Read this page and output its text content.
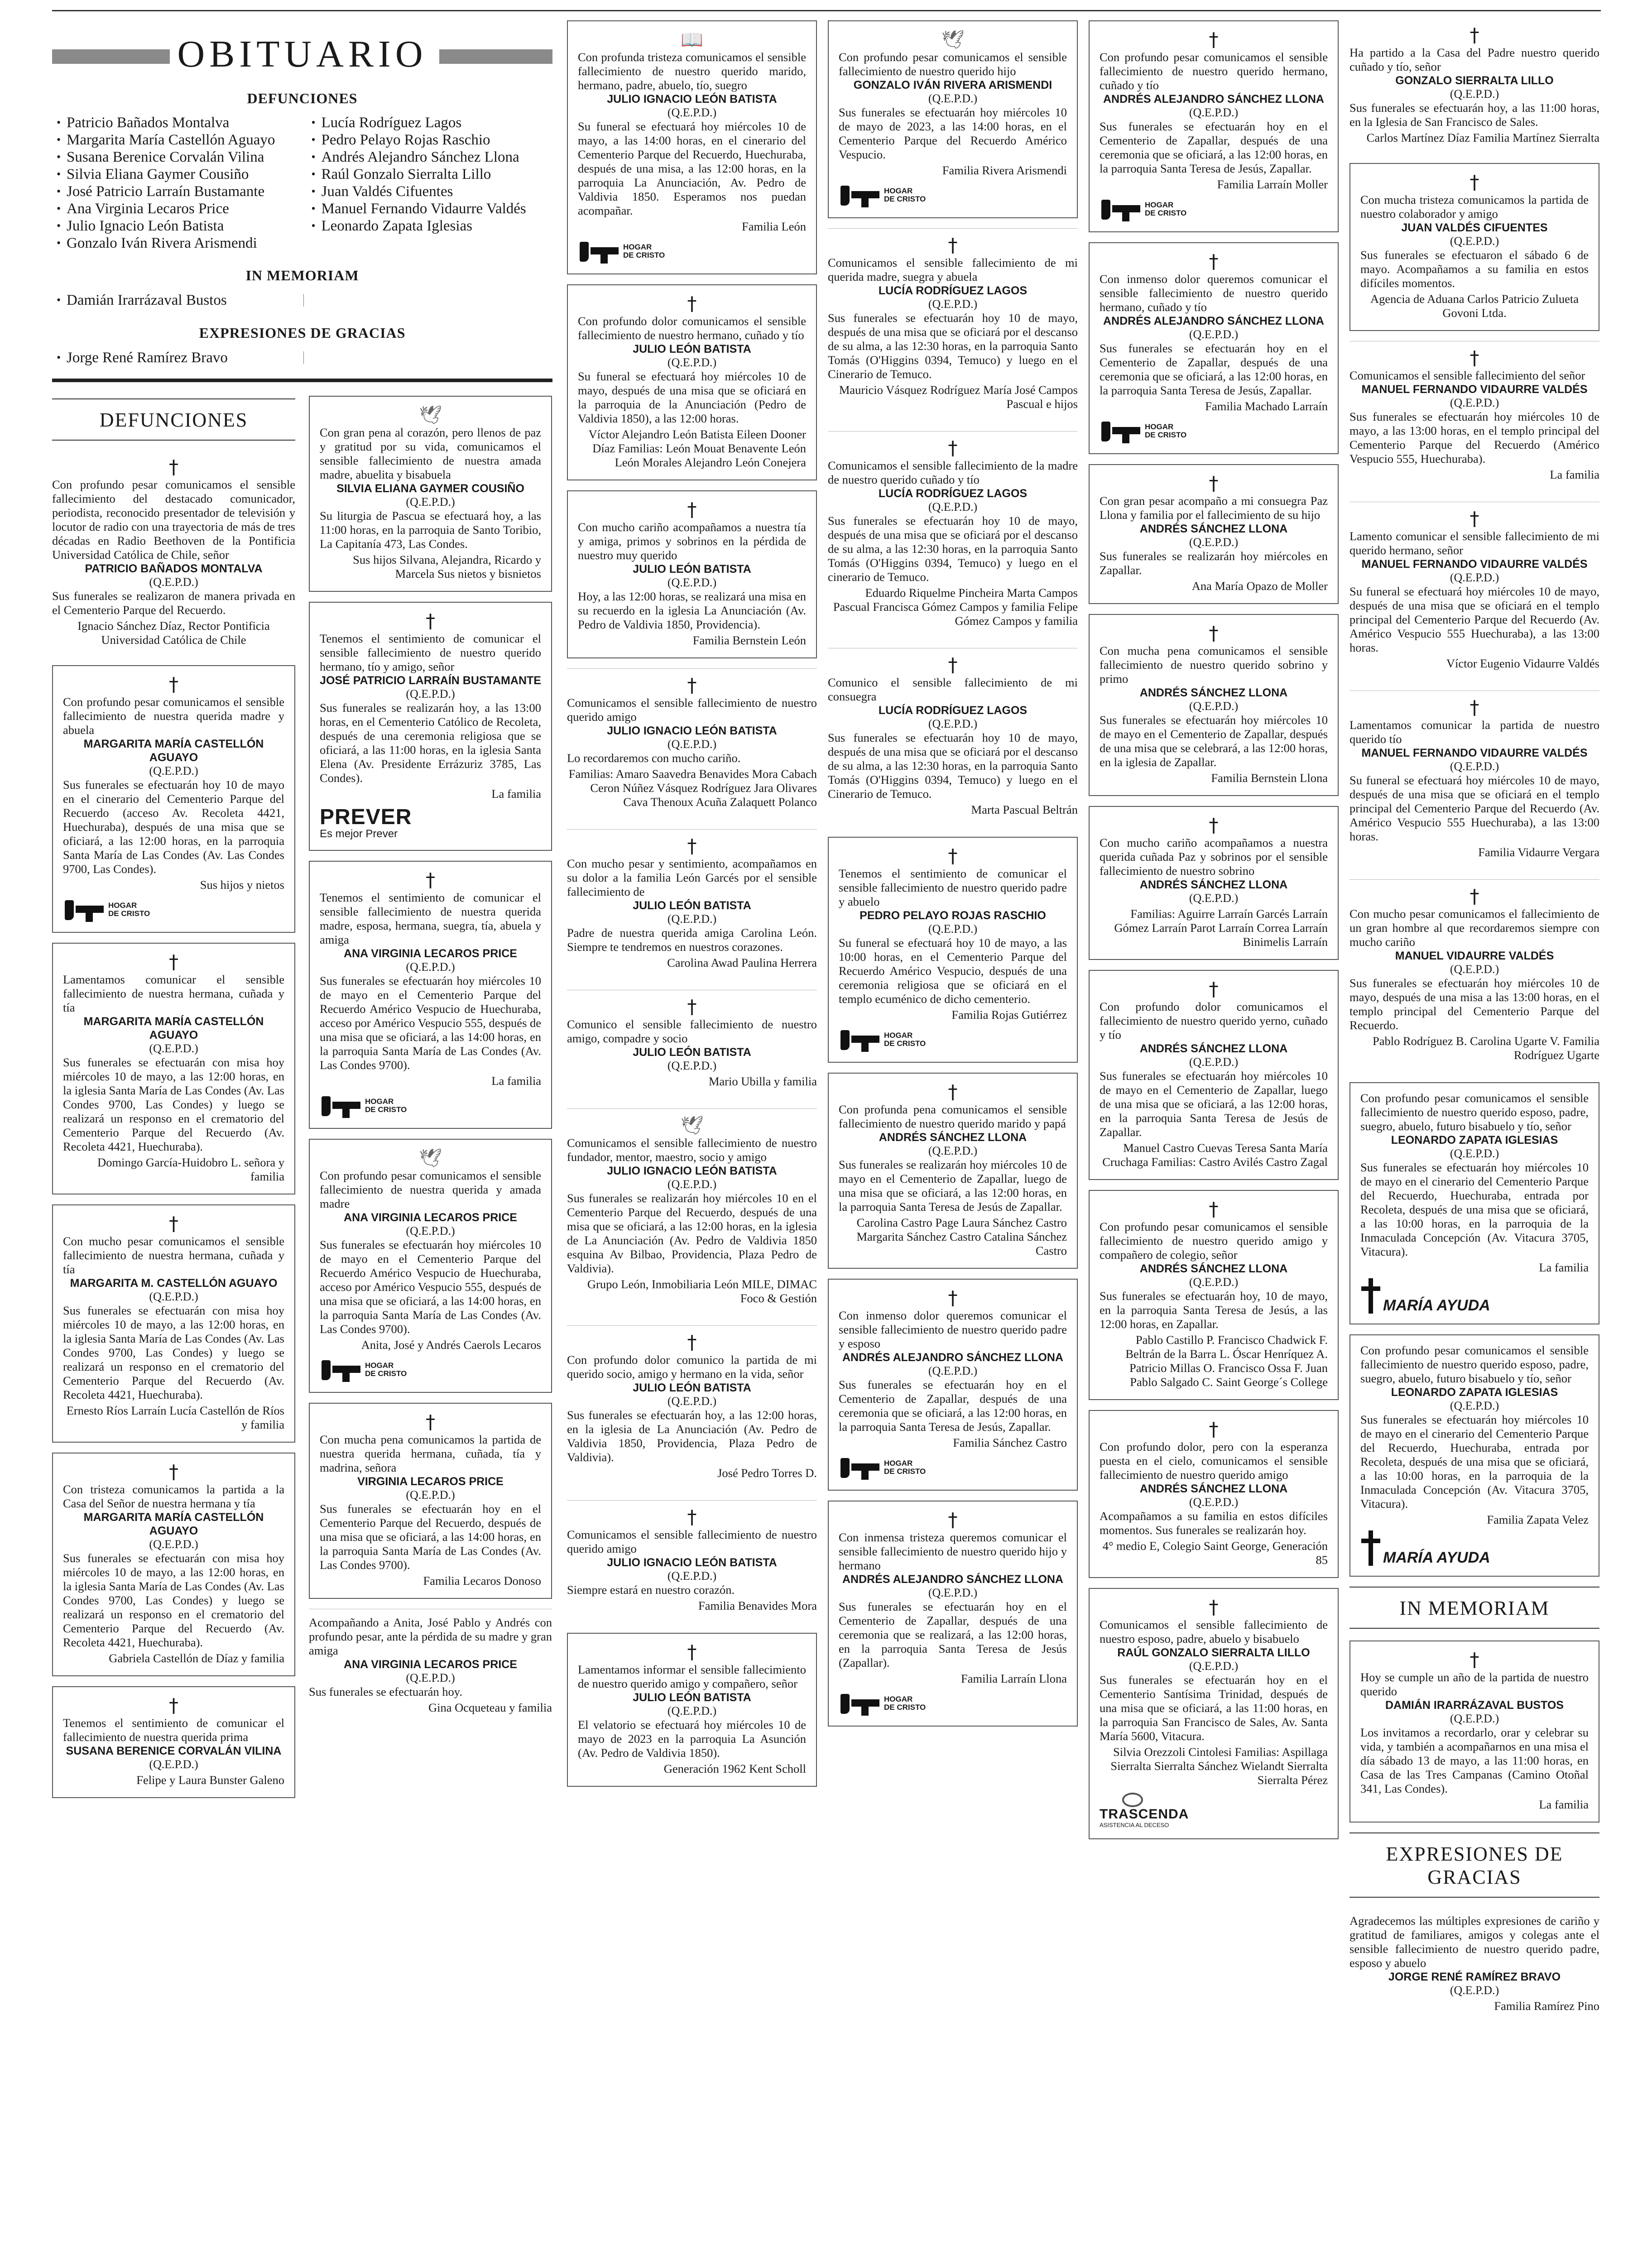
OBITUARIO
DEFUNCIONES
• Patricio Bañados Montalva
• Margarita María Castellón Aguayo
• Susana Berenice Corvalán Vilina
• Silvia Eliana Gaymer Cousiño
• José Patricio Larraín Bustamante
• Ana Virginia Lecaros Price
• Julio Ignacio León Batista
• Gonzalo Iván Rivera Arismendi
• Lucía Rodríguez Lagos
• Pedro Pelayo Rojas Raschio
• Andrés Alejandro Sánchez Llona
• Raúl Gonzalo Sierralta Lillo
• Juan Valdés Cifuentes
• Manuel Fernando Vidaurre Valdés
• Leonardo Zapata Iglesias
IN MEMORIAM
• Damián Irarrázaval Bustos
EXPRESIONES DE GRACIAS
• Jorge René Ramírez Bravo
DEFUNCIONES
†
Con profundo pesar comunicamos el sensible fallecimiento del destacado comunicador, periodista, reconocido presentador de televisión y locutor de radio con una trayectoria de más de tres décadas en Radio Beethoven de la Pontificia Universidad Católica de Chile, señor
PATRICIO BAÑADOS MONTALVA
(Q.E.P.D.)
Sus funerales se realizaron de manera privada en el Cementerio Parque del Recuerdo.
Ignacio Sánchez Díaz, Rector Pontificia Universidad Católica de Chile
†
Con profundo pesar comunicamos el sensible fallecimiento de nuestra querida madre y abuela
MARGARITA MARÍA CASTELLÓN AGUAYO
(Q.E.P.D.)
Sus funerales se efectuarán hoy 10 de mayo en el cinerario del Cementerio Parque del Recuerdo (acceso Av. Recoleta 4421, Huechuraba), después de una misa que se oficiará, a las 12:00 horas, en la parroquia Santa María de Las Condes (Av. Las Condes 9700, Las Condes).
Sus hijos y nietos
HOGAR
DE CRISTO
†
Lamentamos comunicar el sensible fallecimiento de nuestra hermana, cuñada y tía
MARGARITA MARÍA CASTELLÓN AGUAYO
(Q.E.P.D.)
Sus funerales se efectuarán con misa hoy miércoles 10 de mayo, a las 12:00 horas, en la iglesia Santa María de Las Condes (Av. Las Condes 9700, Las Condes) y luego se realizará un responso en el crematorio del Cementerio Parque del Recuerdo (Av. Recoleta 4421, Huechuraba).
Domingo García-Huidobro L. señora y familia
†
Con mucho pesar comunicamos el sensible fallecimiento de nuestra hermana, cuñada y tía
MARGARITA M. CASTELLÓN AGUAYO
(Q.E.P.D.)
Sus funerales se efectuarán con misa hoy miércoles 10 de mayo, a las 12:00 horas, en la iglesia Santa María de Las Condes (Av. Las Condes 9700, Las Condes) y luego se realizará un responso en el crematorio del Cementerio Parque del Recuerdo (Av. Recoleta 4421, Huechuraba).
Ernesto Ríos Larraín Lucía Castellón de Ríos y familia
†
Con tristeza comunicamos la partida a la Casa del Señor de nuestra hermana y tía
MARGARITA MARÍA CASTELLÓN AGUAYO
(Q.E.P.D.)
Sus funerales se efectuarán con misa hoy miércoles 10 de mayo, a las 12:00 horas, en la iglesia Santa María de Las Condes (Av. Las Condes 9700, Las Condes) y luego se realizará un responso en el crematorio del Cementerio Parque del Recuerdo (Av. Recoleta 4421, Huechuraba).
Gabriela Castellón de Díaz y familia
†
Tenemos el sentimiento de comunicar el fallecimiento de nuestra querida prima
SUSANA BERENICE CORVALÁN VILINA
(Q.E.P.D.)
Felipe y Laura Bunster Galeno
🕊
Con gran pena al corazón, pero llenos de paz y gratitud por su vida, comunicamos el sensible fallecimiento de nuestra amada madre, abuelita y bisabuela
SILVIA ELIANA GAYMER COUSIÑO
(Q.E.P.D.)
Su liturgia de Pascua se efectuará hoy, a las 11:00 horas, en la parroquia de Santo Toribio, La Capitanía 473, Las Condes.
Sus hijos Silvana, Alejandra, Ricardo y Marcela Sus nietos y bisnietos
†
Tenemos el sentimiento de comunicar el sensible fallecimiento de nuestro querido hermano, tío y amigo, señor
JOSÉ PATRICIO LARRAÍN BUSTAMANTE
(Q.E.P.D.)
Sus funerales se realizarán hoy, a las 13:00 horas, en el Cementerio Católico de Recoleta, después de una ceremonia religiosa que se oficiará, a las 11:00 horas, en la iglesia Santa Elena (Av. Presidente Errázuriz 3785, Las Condes).
La familia
PREVER
Es mejor Prever
†
Tenemos el sentimiento de comunicar el sensible fallecimiento de nuestra querida madre, esposa, hermana, suegra, tía, abuela y amiga
ANA VIRGINIA LECAROS PRICE
(Q.E.P.D.)
Sus funerales se efectuarán hoy miércoles 10 de mayo en el Cementerio Parque del Recuerdo Américo Vespucio de Huechuraba, acceso por Américo Vespucio 555, después de una misa que se oficiará, a las 14:00 horas, en la parroquia Santa María de Las Condes (Av. Las Condes 9700).
La familia
HOGAR
DE CRISTO
🕊
Con profundo pesar comunicamos el sensible fallecimiento de nuestra querida y amada madre
ANA VIRGINIA LECAROS PRICE
(Q.E.P.D.)
Sus funerales se efectuarán hoy miércoles 10 de mayo en el Cementerio Parque del Recuerdo Américo Vespucio de Huechuraba, acceso por Américo Vespucio 555, después de una misa que se oficiará, a las 14:00 horas, en la parroquia Santa María de Las Condes (Av. Las Condes 9700).
Anita, José y Andrés Caerols Lecaros
HOGAR
DE CRISTO
†
Con mucha pena comunicamos la partida de nuestra querida hermana, cuñada, tía y madrina, señora
VIRGINIA LECAROS PRICE
(Q.E.P.D.)
Sus funerales se efectuarán hoy en el Cementerio Parque del Recuerdo, después de una misa que se oficiará, a las 14:00 horas, en la parroquia Santa María de Las Condes (Av. Las Condes 9700).
Familia Lecaros Donoso
Acompañando a Anita, José Pablo y Andrés con profundo pesar, ante la pérdida de su madre y gran amiga
ANA VIRGINIA LECAROS PRICE
(Q.E.P.D.)
Sus funerales se efectuarán hoy.
Gina Ocqueteau y familia
📖
Con profunda tristeza comunicamos el sensible fallecimiento de nuestro querido marido, hermano, padre, abuelo, tío, suegro
JULIO IGNACIO LEÓN BATISTA
(Q.E.P.D.)
Su funeral se efectuará hoy miércoles 10 de mayo, a las 14:00 horas, en el cinerario del Cementerio Parque del Recuerdo, Huechuraba, después de una misa, a las 12:00 horas, en la parroquia La Anunciación, Av. Pedro de Valdivia 1850. Esperamos nos puedan acompañar.
Familia León
HOGAR
DE CRISTO
†
Con profundo dolor comunicamos el sensible fallecimiento de nuestro hermano, cuñado y tío
JULIO LEÓN BATISTA
(Q.E.P.D.)
Su funeral se efectuará hoy miércoles 10 de mayo, después de una misa que se oficiará en la parroquia de la Anunciación (Pedro de Valdivia 1850), a las 12:00 horas.
Víctor Alejandro León Batista Eileen Dooner Díaz Familias: León Mouat Benavente León León Morales Alejandro León Conejera
†
Con mucho cariño acompañamos a nuestra tía y amiga, primos y sobrinos en la pérdida de nuestro muy querido
JULIO LEÓN BATISTA
(Q.E.P.D.)
Hoy, a las 12:00 horas, se realizará una misa en su recuerdo en la iglesia La Anunciación (Av. Pedro de Valdivia 1850, Providencia).
Familia Bernstein León
†
Comunicamos el sensible fallecimiento de nuestro querido amigo
JULIO IGNACIO LEÓN BATISTA
(Q.E.P.D.)
Lo recordaremos con mucho cariño.
Familias: Amaro Saavedra Benavides Mora Cabach Ceron Núñez Vásquez Rodríguez Jara Olivares Cava Thenoux Acuña Zalaquett Polanco
†
Con mucho pesar y sentimiento, acompañamos en su dolor a la familia León Garcés por el sensible fallecimiento de
JULIO LEÓN BATISTA
(Q.E.P.D.)
Padre de nuestra querida amiga Carolina León. Siempre te tendremos en nuestros corazones.
Carolina Awad Paulina Herrera
†
Comunico el sensible fallecimiento de nuestro amigo, compadre y socio
JULIO LEÓN BATISTA
(Q.E.P.D.)
Mario Ubilla y familia
🕊
Comunicamos el sensible fallecimiento de nuestro fundador, mentor, maestro, socio y amigo
JULIO IGNACIO LEÓN BATISTA
(Q.E.P.D.)
Sus funerales se realizarán hoy miércoles 10 en el Cementerio Parque del Recuerdo, después de una misa que se oficiará, a las 12:00 horas, en la iglesia de La Anunciación (Av. Pedro de Valdivia 1850 esquina Av Bilbao, Providencia, Plaza Pedro de Valdivia).
Grupo León, Inmobiliaria León MILE, DIMAC Foco & Gestión
†
Con profundo dolor comunico la partida de mi querido socio, amigo y hermano en la vida, señor
JULIO LEÓN BATISTA
(Q.E.P.D.)
Sus funerales se efectuarán hoy, a las 12:00 horas, en la iglesia de La Anunciación (Av. Pedro de Valdivia 1850, Providencia, Plaza Pedro de Valdivia).
José Pedro Torres D.
†
Comunicamos el sensible fallecimiento de nuestro querido amigo
JULIO IGNACIO LEÓN BATISTA
(Q.E.P.D.)
Siempre estará en nuestro corazón.
Familia Benavides Mora
†
Lamentamos informar el sensible fallecimiento de nuestro querido amigo y compañero, señor
JULIO LEÓN BATISTA
(Q.E.P.D.)
El velatorio se efectuará hoy miércoles 10 de mayo de 2023 en la parroquia La Asunción (Av. Pedro de Valdivia 1850).
Generación 1962 Kent Scholl
🕊
Con profundo pesar comunicamos el sensible fallecimiento de nuestro querido hijo
GONZALO IVÁN RIVERA ARISMENDI
(Q.E.P.D.)
Sus funerales se efectuarán hoy miércoles 10 de mayo de 2023, a las 14:00 horas, en el Cementerio Parque del Recuerdo Américo Vespucio.
Familia Rivera Arismendi
HOGAR
DE CRISTO
†
Comunicamos el sensible fallecimiento de mi querida madre, suegra y abuela
LUCÍA RODRÍGUEZ LAGOS
(Q.E.P.D.)
Sus funerales se efectuarán hoy 10 de mayo, después de una misa que se oficiará por el descanso de su alma, a las 12:30 horas, en la parroquia Santo Tomás (O'Higgins 0394, Temuco) y luego en el Cinerario de Temuco.
Mauricio Vásquez Rodríguez María José Campos Pascual e hijos
†
Comunicamos el sensible fallecimiento de la madre de nuestro querido cuñado y tío
LUCÍA RODRÍGUEZ LAGOS
(Q.E.P.D.)
Sus funerales se efectuarán hoy 10 de mayo, después de una misa que se oficiará por el descanso de su alma, a las 12:30 horas, en la parroquia Santo Tomás (O'Higgins 0394, Temuco) y luego en el cinerario de Temuco.
Eduardo Riquelme Pincheira Marta Campos Pascual Francisca Gómez Campos y familia Felipe Gómez Campos y familia
†
Comunico el sensible fallecimiento de mi consuegra
LUCÍA RODRÍGUEZ LAGOS
(Q.E.P.D.)
Sus funerales se efectuarán hoy 10 de mayo, después de una misa que se oficiará por el descanso de su alma, a las 12:30 horas, en la parroquia Santo Tomás (O'Higgins 0394, Temuco) y luego en el Cinerario de Temuco.
Marta Pascual Beltrán
†
Tenemos el sentimiento de comunicar el sensible fallecimiento de nuestro querido padre y abuelo
PEDRO PELAYO ROJAS RASCHIO
(Q.E.P.D.)
Su funeral se efectuará hoy 10 de mayo, a las 10:00 horas, en el Cementerio Parque del Recuerdo Américo Vespucio, después de una ceremonia religiosa que se oficiará en el templo ecuménico de dicho cementerio.
Familia Rojas Gutiérrez
HOGAR
DE CRISTO
†
Con profunda pena comunicamos el sensible fallecimiento de nuestro querido marido y papá
ANDRÉS SÁNCHEZ LLONA
(Q.E.P.D.)
Sus funerales se realizarán hoy miércoles 10 de mayo en el Cementerio de Zapallar, luego de una misa que se oficiará, a las 12:00 horas, en la parroquia Santa Teresa de Jesús de Zapallar.
Carolina Castro Page Laura Sánchez Castro Margarita Sánchez Castro Catalina Sánchez Castro
†
Con inmenso dolor queremos comunicar el sensible fallecimiento de nuestro querido padre y esposo
ANDRÉS ALEJANDRO SÁNCHEZ LLONA
(Q.E.P.D.)
Sus funerales se efectuarán hoy en el Cementerio de Zapallar, después de una ceremonia que se oficiará, a las 12:00 horas, en la parroquia Santa Teresa de Jesús, Zapallar.
Familia Sánchez Castro
HOGAR
DE CRISTO
†
Con inmensa tristeza queremos comunicar el sensible fallecimiento de nuestro querido hijo y hermano
ANDRÉS ALEJANDRO SÁNCHEZ LLONA
(Q.E.P.D.)
Sus funerales se efectuarán hoy en el Cementerio de Zapallar, después de una ceremonia que se realizará, a las 12:00 horas, en la parroquia Santa Teresa de Jesús (Zapallar).
Familia Larraín Llona
HOGAR
DE CRISTO
†
Con profundo pesar comunicamos el sensible fallecimiento de nuestro querido hermano, cuñado y tío
ANDRÉS ALEJANDRO SÁNCHEZ LLONA
(Q.E.P.D.)
Sus funerales se efectuarán hoy en el Cementerio de Zapallar, después de una ceremonia que se oficiará, a las 12:00 horas, en la parroquia Santa Teresa de Jesús, Zapallar.
Familia Larraín Moller
HOGAR
DE CRISTO
†
Con inmenso dolor queremos comunicar el sensible fallecimiento de nuestro querido hermano, cuñado y tío
ANDRÉS ALEJANDRO SÁNCHEZ LLONA
(Q.E.P.D.)
Sus funerales se efectuarán hoy en el Cementerio de Zapallar, después de una ceremonia que se oficiará, a las 12:00 horas, en la parroquia Santa Teresa de Jesús, Zapallar.
Familia Machado Larraín
HOGAR
DE CRISTO
†
Con gran pesar acompaño a mi consuegra Paz Llona y familia por el fallecimiento de su hijo
ANDRÉS SÁNCHEZ LLONA
(Q.E.P.D.)
Sus funerales se realizarán hoy miércoles en Zapallar.
Ana María Opazo de Moller
†
Con mucha pena comunicamos el sensible fallecimiento de nuestro querido sobrino y primo
ANDRÉS SÁNCHEZ LLONA
(Q.E.P.D.)
Sus funerales se efectuarán hoy miércoles 10 de mayo en el Cementerio de Zapallar, después de una misa que se celebrará, a las 12:00 horas, en la iglesia de Zapallar.
Familia Bernstein Llona
†
Con mucho cariño acompañamos a nuestra querida cuñada Paz y sobrinos por el sensible fallecimiento de nuestro sobrino
ANDRÉS SÁNCHEZ LLONA
(Q.E.P.D.)
Familias: Aguirre Larraín Garcés Larraín Gómez Larraín Parot Larraín Correa Larraín Binimelis Larraín
†
Con profundo dolor comunicamos el fallecimiento de nuestro querido yerno, cuñado y tío
ANDRÉS SÁNCHEZ LLONA
(Q.E.P.D.)
Sus funerales se efectuarán hoy miércoles 10 de mayo en el Cementerio de Zapallar, luego de una misa que se oficiará, a las 12:00 horas, en la parroquia Santa Teresa de Jesús de Zapallar.
Manuel Castro Cuevas Teresa Santa María Cruchaga Familias: Castro Avilés Castro Zagal
†
Con profundo pesar comunicamos el sensible fallecimiento de nuestro querido amigo y compañero de colegio, señor
ANDRÉS SÁNCHEZ LLONA
(Q.E.P.D.)
Sus funerales se efectuarán hoy, 10 de mayo, en la parroquia Santa Teresa de Jesús, a las 12:00 horas, en Zapallar.
Pablo Castillo P. Francisco Chadwick F. Beltrán de la Barra L. Óscar Henríquez A. Patricio Millas O. Francisco Ossa F. Juan Pablo Salgado C. Saint George´s College
†
Con profundo dolor, pero con la esperanza puesta en el cielo, comunicamos el sensible fallecimiento de nuestro querido amigo
ANDRÉS SÁNCHEZ LLONA
(Q.E.P.D.)
Acompañamos a su familia en estos difíciles momentos. Sus funerales se realizarán hoy.
4° medio E, Colegio Saint George, Generación 85
†
Comunicamos el sensible fallecimiento de nuestro esposo, padre, abuelo y bisabuelo
RAÚL GONZALO SIERRALTA LILLO
(Q.E.P.D.)
Sus funerales se efectuarán hoy en el Cementerio Santísima Trinidad, después de una misa que se oficiará, a las 11:00 horas, en la parroquia San Francisco de Sales, Av. Santa María 5600, Vitacura.
Silvia Orezzoli Cintolesi Familias: Aspillaga Sierralta Sierralta Sánchez Wielandt Sierralta Sierralta Pérez
TRASCENDA
ASISTENCIA AL DECESO
†
Ha partido a la Casa del Padre nuestro querido cuñado y tío, señor
GONZALO SIERRALTA LILLO
(Q.E.P.D.)
Sus funerales se efectuarán hoy, a las 11:00 horas, en la Iglesia de San Francisco de Sales.
Carlos Martínez Díaz Familia Martínez Sierralta
†
Con mucha tristeza comunicamos la partida de nuestro colaborador y amigo
JUAN VALDÉS CIFUENTES
(Q.E.P.D.)
Sus funerales se efectuaron el sábado 6 de mayo. Acompañamos a su familia en estos difíciles momentos.
Agencia de Aduana Carlos Patricio Zulueta Govoni Ltda.
†
Comunicamos el sensible fallecimiento del señor
MANUEL FERNANDO VIDAURRE VALDÉS
(Q.E.P.D.)
Sus funerales se efectuarán hoy miércoles 10 de mayo, a las 13:00 horas, en el templo principal del Cementerio Parque del Recuerdo (Américo Vespucio 555, Huechuraba).
La familia
†
Lamento comunicar el sensible fallecimiento de mi querido hermano, señor
MANUEL FERNANDO VIDAURRE VALDÉS
(Q.E.P.D.)
Su funeral se efectuará hoy miércoles 10 de mayo, después de una misa que se oficiará en el templo principal del Cementerio Parque del Recuerdo (Av. Américo Vespucio 555 Huechuraba), a las 13:00 horas.
Víctor Eugenio Vidaurre Valdés
†
Lamentamos comunicar la partida de nuestro querido tío
MANUEL FERNANDO VIDAURRE VALDÉS
(Q.E.P.D.)
Su funeral se efectuará hoy miércoles 10 de mayo, después de una misa que se oficiará en el templo principal del Cementerio Parque del Recuerdo (Av. Américo Vespucio 555 Huechuraba), a las 13:00 horas.
Familia Vidaurre Vergara
†
Con mucho pesar comunicamos el fallecimiento de un gran hombre al que recordaremos siempre con mucho cariño
MANUEL VIDAURRE VALDÉS
(Q.E.P.D.)
Sus funerales se efectuarán hoy miércoles 10 de mayo, después de una misa a las 13:00 horas, en el templo principal del Cementerio Parque del Recuerdo.
Pablo Rodríguez B. Carolina Ugarte V. Familia Rodríguez Ugarte
Con profundo pesar comunicamos el sensible fallecimiento de nuestro querido esposo, padre, suegro, abuelo, futuro bisabuelo y tío, señor
LEONARDO ZAPATA IGLESIAS
(Q.E.P.D.)
Sus funerales se efectuarán hoy miércoles 10 de mayo en el cinerario del Cementerio Parque del Recuerdo, Huechuraba, entrada por Recoleta, después de una misa que se oficiará, a las 10:00 horas, en la parroquia de la Inmaculada Concepción (Av. Vitacura 3705, Vitacura).
La familia
MARÍA AYUDA
Con profundo pesar comunicamos el sensible fallecimiento de nuestro querido esposo, padre, suegro, abuelo, futuro bisabuelo y tío, señor
LEONARDO ZAPATA IGLESIAS
(Q.E.P.D.)
Sus funerales se efectuarán hoy miércoles 10 de mayo en el cinerario del Cementerio Parque del Recuerdo, Huechuraba, entrada por Recoleta, después de una misa que se oficiará, a las 10:00 horas, en la parroquia de la Inmaculada Concepción (Av. Vitacura 3705, Vitacura).
Familia Zapata Velez
MARÍA AYUDA
IN MEMORIAM
†
Hoy se cumple un año de la partida de nuestro querido
DAMIÁN IRARRÁZAVAL BUSTOS
(Q.E.P.D.)
Los invitamos a recordarlo, orar y celebrar su vida, y también a acompañarnos en una misa el día sábado 13 de mayo, a las 11:00 horas, en Casa de las Tres Campanas (Camino Otoñal 341, Las Condes).
La familia
EXPRESIONES DE GRACIAS
Agradecemos las múltiples expresiones de cariño y gratitud de familiares, amigos y colegas ante el sensible fallecimiento de nuestro querido padre, esposo y abuelo
JORGE RENÉ RAMÍREZ BRAVO
(Q.E.P.D.)
Familia Ramírez Pino
